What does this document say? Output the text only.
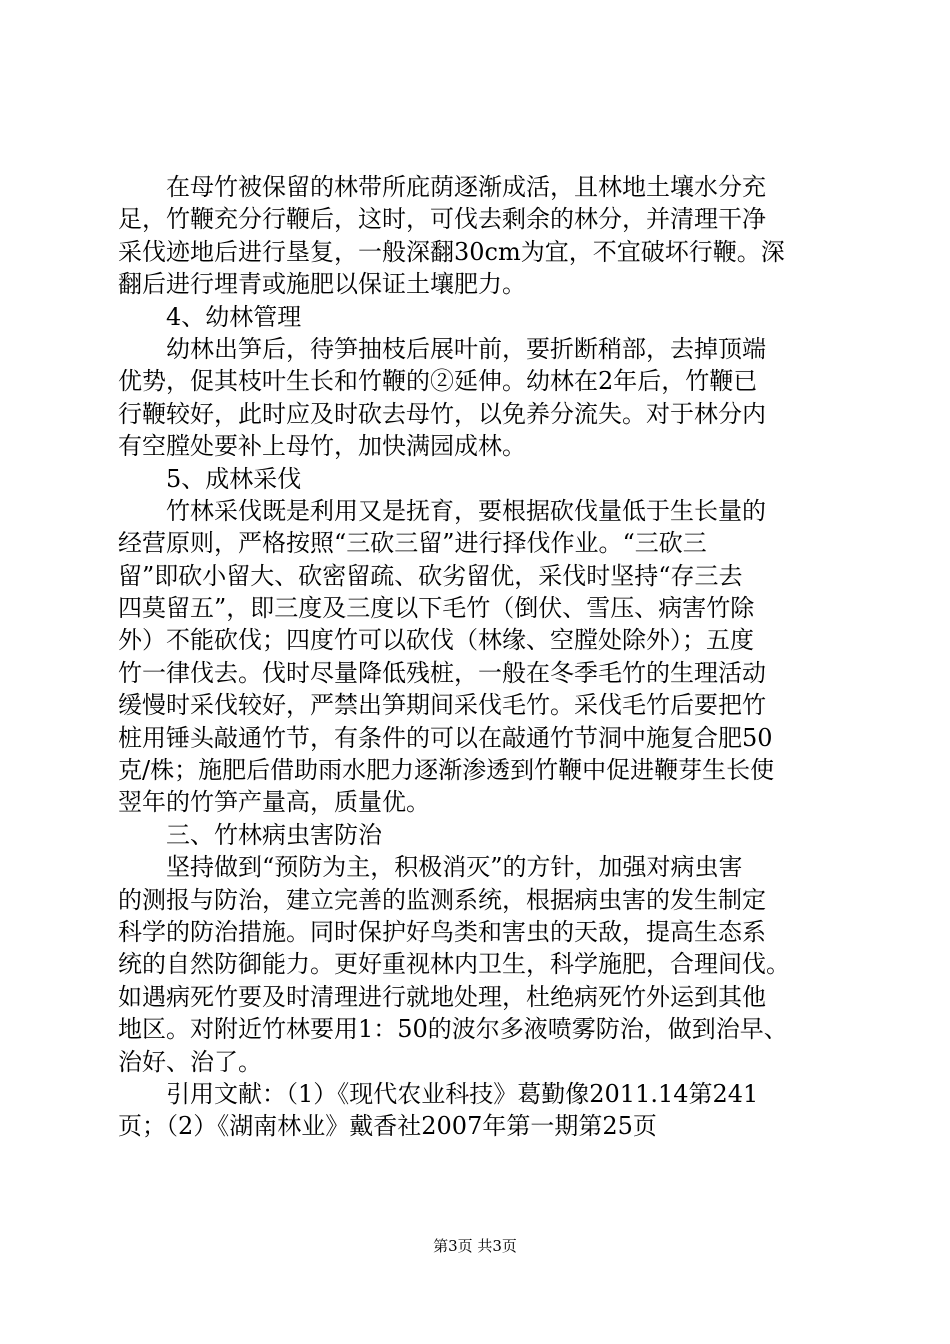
　　在母竹被保留的林带所庇荫逐渐成活，且林地土壤水分充
足，竹鞭充分行鞭后，这时，可伐去剩余的林分，并清理干净
采伐迹地后进行垦复，一般深翻30cm为宜，不宜破坏行鞭。深
翻后进行埋青或施肥以保证土壤肥力。
　　4、幼林管理
　　幼林出笋后，待笋抽枝后展叶前，要折断稍部，去掉顶端
优势，促其枝叶生长和竹鞭的②延伸。幼林在2年后，竹鞭已
行鞭较好，此时应及时砍去母竹，以免养分流失。对于林分内
有空膛处要补上母竹，加快满园成林。
　　5、成林采伐
　　竹林采伐既是利用又是抚育，要根据砍伐量低于生长量的
经营原则，严格按照“三砍三留”进行择伐作业。“三砍三
留”即砍小留大、砍密留疏、砍劣留优，采伐时坚持“存三去
四莫留五”，即三度及三度以下毛竹（倒伏、雪压、病害竹除
外）不能砍伐；四度竹可以砍伐（林缘、空膛处除外）；五度
竹一律伐去。伐时尽量降低残桩，一般在冬季毛竹的生理活动
缓慢时采伐较好，严禁出笋期间采伐毛竹。采伐毛竹后要把竹
桩用锤头敲通竹节，有条件的可以在敲通竹节洞中施复合肥50
克/株；施肥后借助雨水肥力逐渐渗透到竹鞭中促进鞭芽生长使
翌年的竹笋产量高，质量优。
　　三、竹林病虫害防治
　　坚持做到“预防为主，积极消灭”的方针，加强对病虫害
的测报与防治，建立完善的监测系统，根据病虫害的发生制定
科学的防治措施。同时保护好鸟类和害虫的天敌，提高生态系
统的自然防御能力。更好重视林内卫生，科学施肥，合理间伐。
如遇病死竹要及时清理进行就地处理，杜绝病死竹外运到其他
地区。对附近竹林要用1：50的波尔多液喷雾防治，做到治早、
治好、治了。
　　引用文献：（1）《现代农业科技》葛勤像2011.14第241
页；（2）《湖南林业》戴香社2007年第一期第25页
第3页 共3页
